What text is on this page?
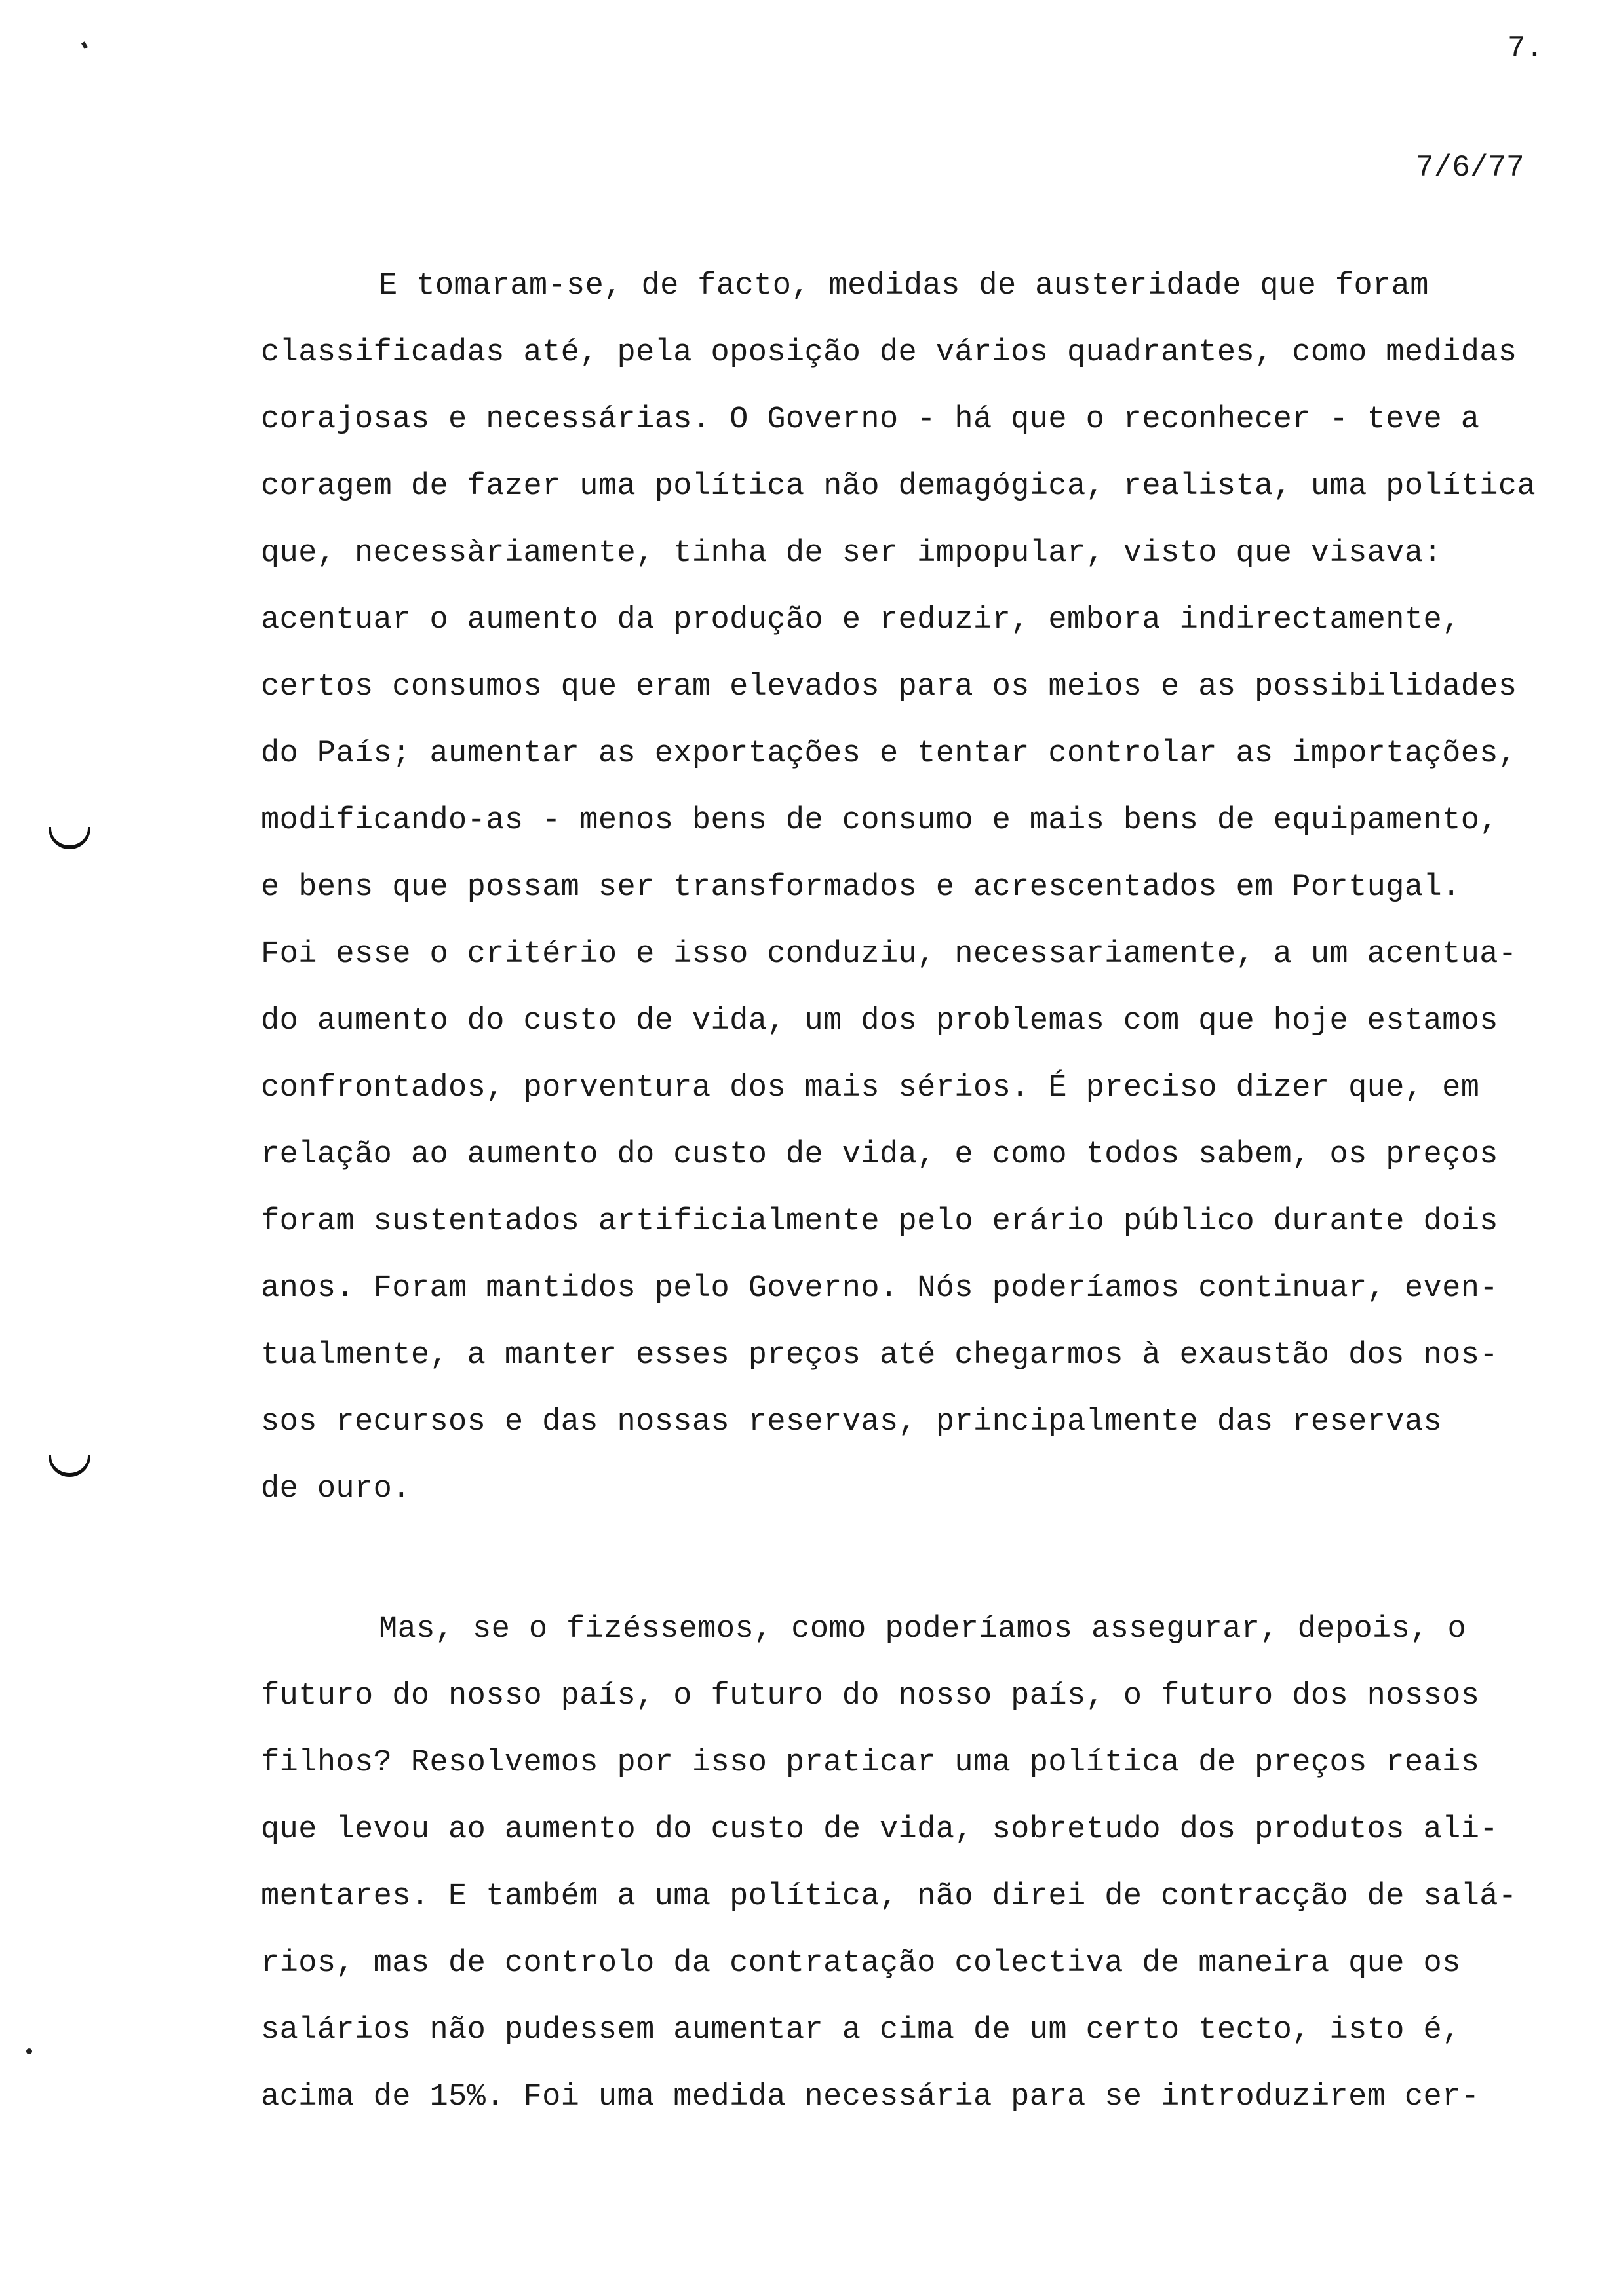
7.
7/6/77
E tomaram-se, de facto, medidas de austeridade que foram
classificadas até, pela oposição de vários quadrantes, como medidas
corajosas e necessárias. O Governo - há que o reconhecer - teve a
coragem de fazer uma política não demagógica, realista, uma política
que, necessàriamente, tinha de ser impopular, visto que visava:
acentuar o aumento da produção e reduzir, embora indirectamente,
certos consumos que eram elevados para os meios e as possibilidades
do País; aumentar as exportações e tentar controlar as importações,
modificando-as - menos bens de consumo e mais bens de equipamento,
e bens que possam ser transformados e acrescentados em Portugal.
Foi esse o critério e isso conduziu, necessariamente, a um acentua-
do aumento do custo de vida, um dos problemas com que hoje estamos
confrontados, porventura dos mais sérios. É preciso dizer que, em
relação ao aumento do custo de vida, e como todos sabem, os preços
foram sustentados artificialmente pelo erário público durante dois
anos. Foram mantidos pelo Governo. Nós poderíamos continuar, even-
tualmente, a manter esses preços até chegarmos à exaustão dos nos-
sos recursos e das nossas reservas, principalmente das reservas
de ouro.
Mas, se o fizéssemos, como poderíamos assegurar, depois, o
futuro do nosso país, o futuro do nosso país, o futuro dos nossos
filhos? Resolvemos por isso praticar uma política de preços reais
que levou ao aumento do custo de vida, sobretudo dos produtos ali-
mentares. E também a uma política, não direi de contracção de salá-
rios, mas de controlo da contratação colectiva de maneira que os
salários não pudessem aumentar a cima de um certo tecto, isto é,
acima de 15%. Foi uma medida necessária para se introduzirem cer-
